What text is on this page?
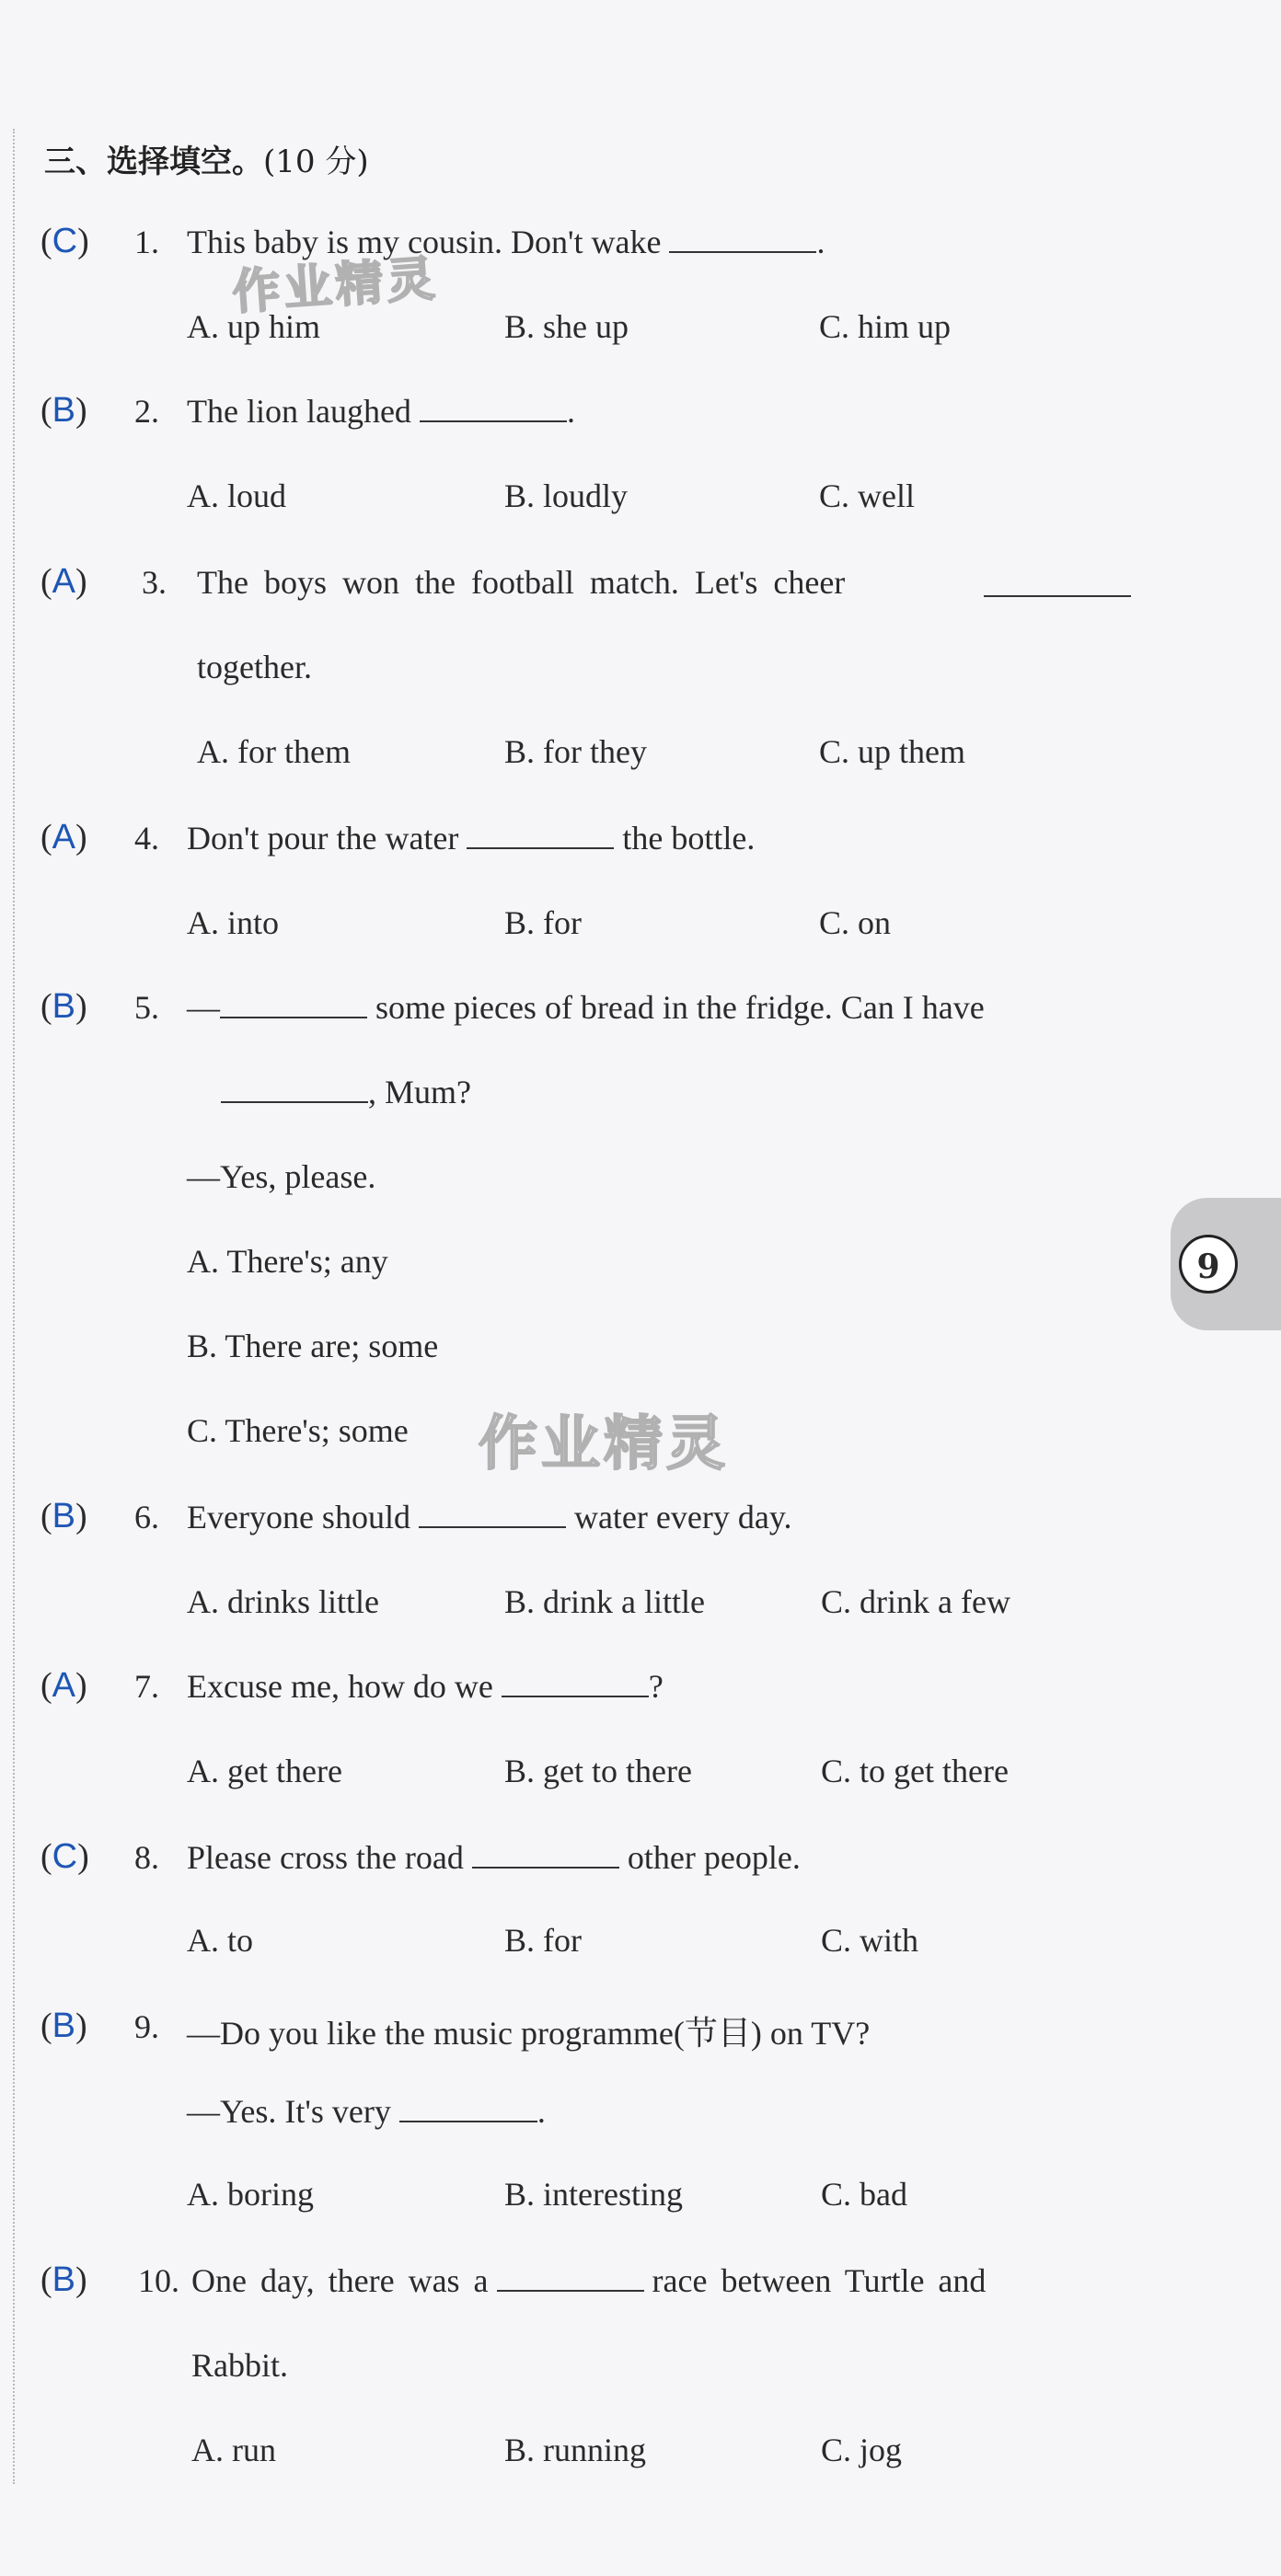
三、选择填空。(10 分)
(C) 1. This baby is my cousin. Don't wake	.
A. up him	B. she up	C. him up
(B) 2. The lion laughed	.
A. loud	B. loudly	C. well
(A) 3. The boys won the football match. Let's cheer
together.
A. for them	B. for they	C. up them
(A) 4. Don't pour the water	the bottle.
A. into	B. for	C. on
(B) 5. —	some pieces of bread in the fridge. Can I have
, Mum?
—Yes, please.
A. There's; any
B. There are; some
C. There's; some
(B) 6. Everyone should	water every day.
A. drinks little	B. drink a little	C. drink a few
(A) 7. Excuse me, how do we	?
A. get there	B. get to there	C. to get there
(C) 8. Please cross the road	other people.
A. to	B. for	C. with
(B) 9. —Do you like the music programme(节目) on TV?
—Yes. It's very	.
A. boring	B. interesting	C. bad
(B) 10. One day, there was a	race between Turtle and
Rabbit.
A. run	B. running	C. jog
作业精灵
作业精灵
9
